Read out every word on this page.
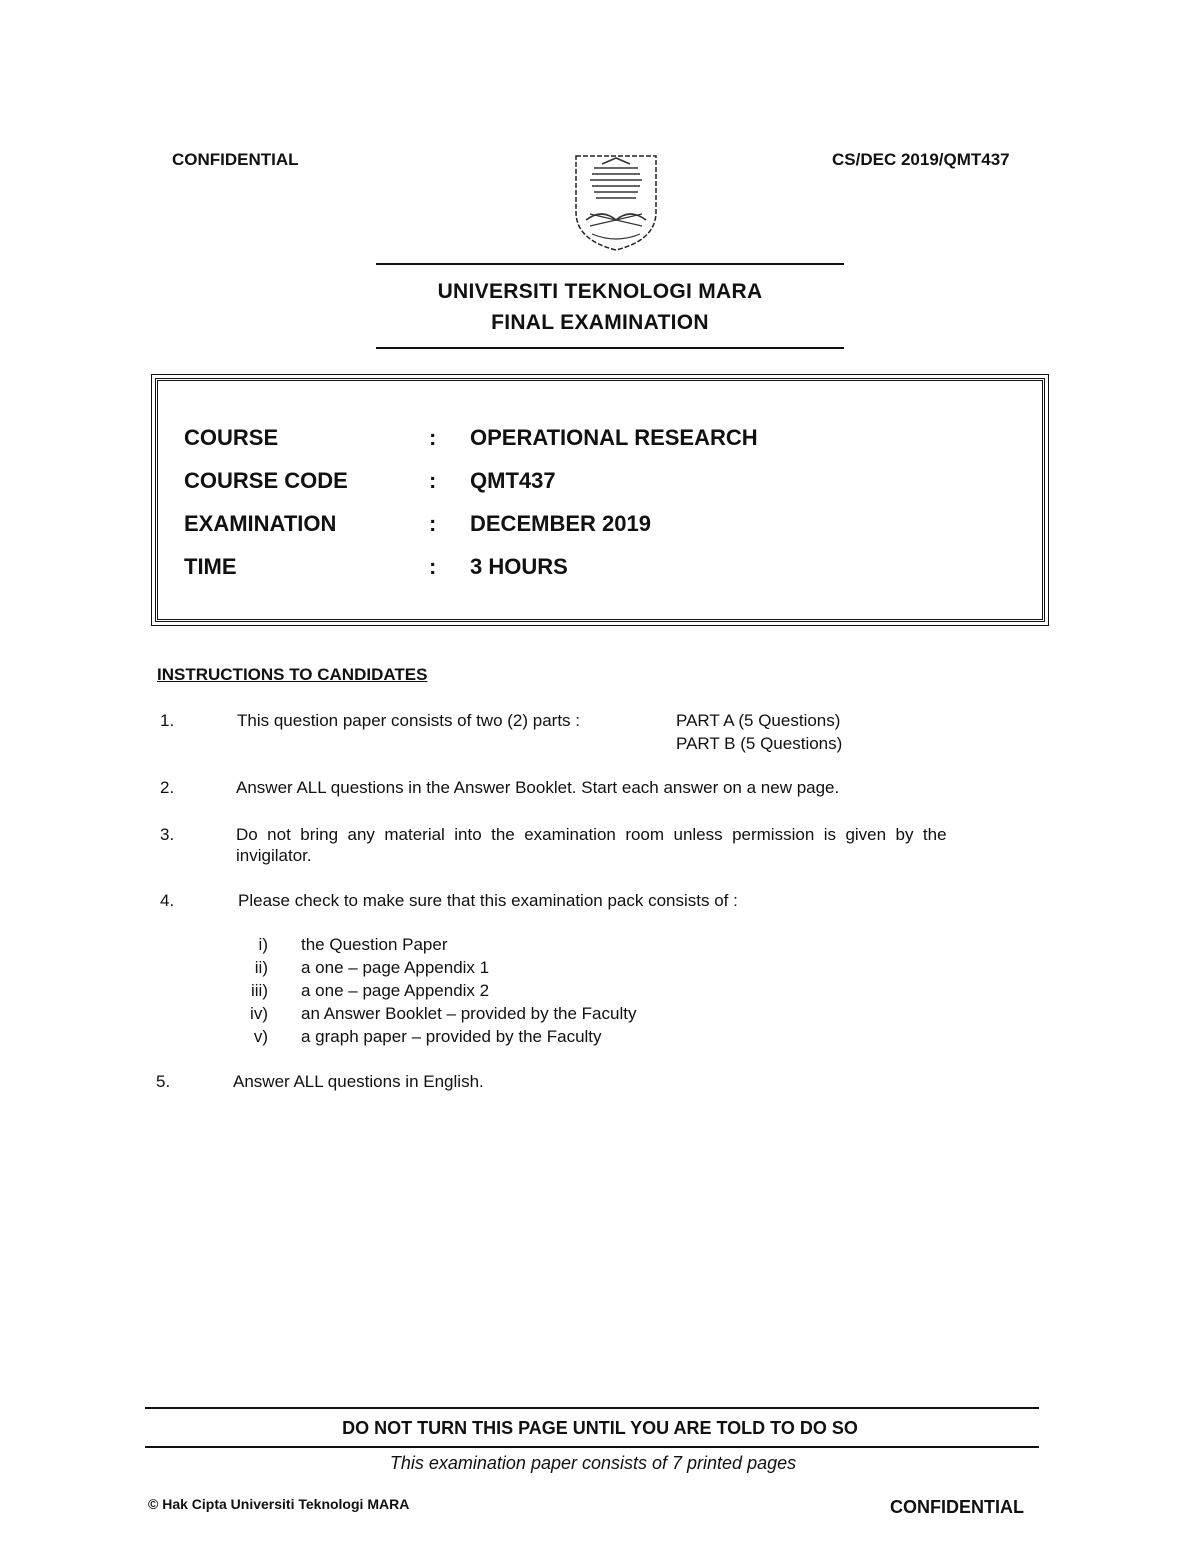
CONFIDENTIAL	CS/DEC 2019/QMT437
UNIVERSITI TEKNOLOGI MARA
FINAL EXAMINATION
COURSE	: OPERATIONAL RESEARCH
COURSE CODE	: QMT437
EXAMINATION	: DECEMBER 2019
TIME	: 3 HOURS
INSTRUCTIONS TO CANDIDATES
1.	This question paper consists of two (2) parts :	PART A (5 Questions)
PART B (5 Questions)
2.	Answer ALL questions in the Answer Booklet. Start each answer on a new page.
3.	Do  not  bring  any  material  into  the  examination  room  unless  permission  is  given  by  the
invigilator.
4.	Please check to make sure that this examination pack consists of :
i) the Question Paper
ii) a one – page Appendix 1
iii) a one – page Appendix 2
iv) an Answer Booklet – provided by the Faculty
v) a graph paper – provided by the Faculty
5.	Answer ALL questions in English.
DO NOT TURN THIS PAGE UNTIL YOU ARE TOLD TO DO SO
This examination paper consists of 7 printed pages
© Hak Cipta Universiti Teknologi MARA	CONFIDENTIAL
